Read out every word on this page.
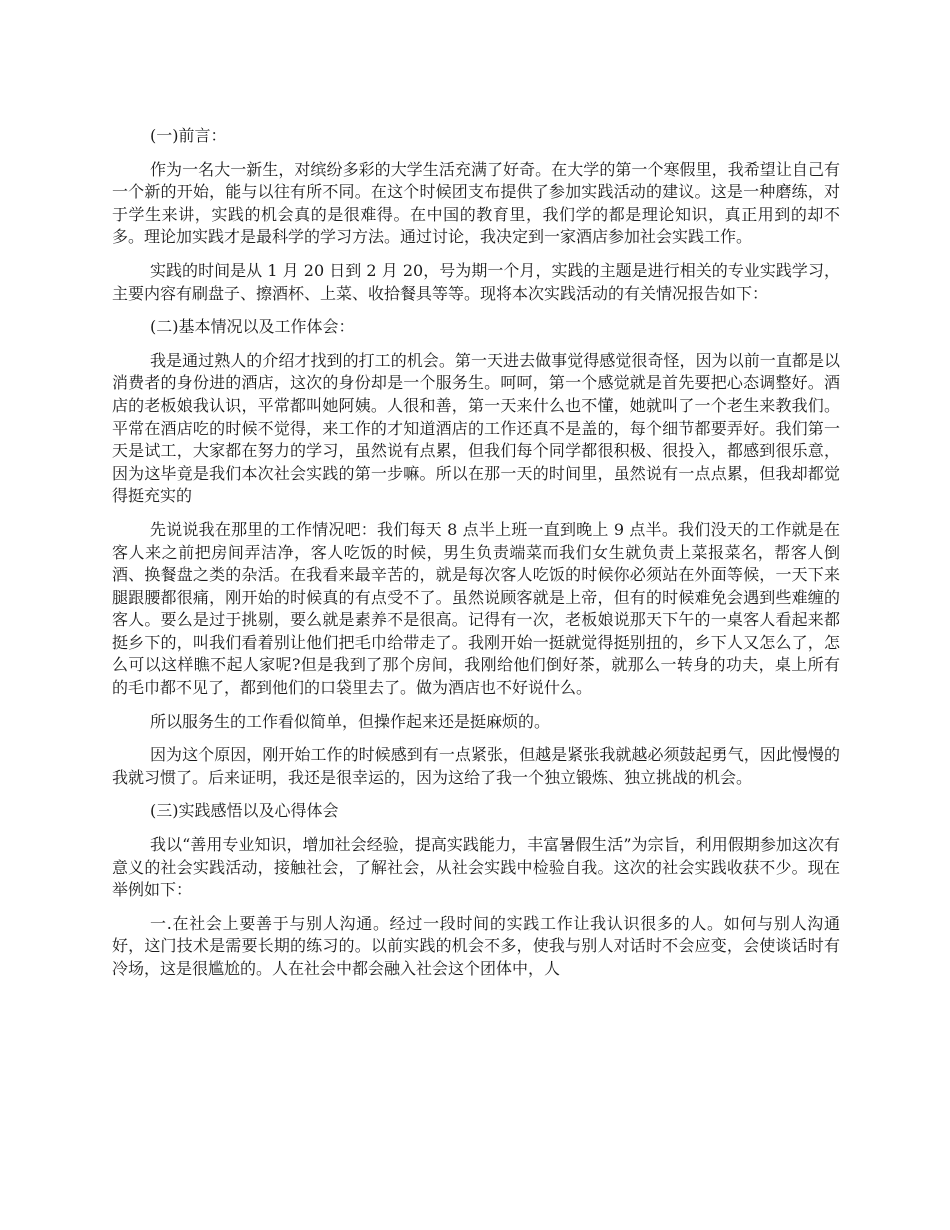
(一)前言：

作为一名大一新生，对缤纷多彩的大学生活充满了好奇。在大学的第一个寒假里，我希望让自己有一个新的开始，能与以往有所不同。在这个时候团支布提供了参加实践活动的建议。这是一种磨练，对于学生来讲，实践的机会真的是很难得。在中国的教育里，我们学的都是理论知识，真正用到的却不多。理论加实践才是最科学的学习方法。通过讨论，我决定到一家酒店参加社会实践工作。

实践的时间是从 1 月 20 日到 2 月 20，号为期一个月，实践的主题是进行相关的专业实践学习，主要内容有刷盘子、擦酒杯、上菜、收拾餐具等等。现将本次实践活动的有关情况报告如下：

(二)基本情况以及工作体会：

我是通过熟人的介绍才找到的打工的机会。第一天进去做事觉得感觉很奇怪，因为以前一直都是以消费者的身份进的酒店，这次的身份却是一个服务生。呵呵，第一个感觉就是首先要把心态调整好。酒店的老板娘我认识，平常都叫她阿姨。人很和善，第一天来什么也不懂，她就叫了一个老生来教我们。平常在酒店吃的时候不觉得，来工作的才知道酒店的工作还真不是盖的，每个细节都要弄好。我们第一天是试工，大家都在努力的学习，虽然说有点累，但我们每个同学都很积极、很投入，都感到很乐意，因为这毕竟是我们本次社会实践的第一步嘛。所以在那一天的时间里，虽然说有一点点累，但我却都觉得挺充实的

先说说我在那里的工作情况吧：我们每天 8 点半上班一直到晚上 9 点半。我们没天的工作就是在客人来之前把房间弄洁净，客人吃饭的时候，男生负责端菜而我们女生就负责上菜报菜名，帮客人倒酒、换餐盘之类的杂活。在我看来最辛苦的，就是每次客人吃饭的时候你必须站在外面等候，一天下来腿跟腰都很痛，刚开始的时候真的有点受不了。虽然说顾客就是上帝，但有的时候难免会遇到些难缠的客人。要么是过于挑剔，要么就是素养不是很高。记得有一次，老板娘说那天下午的一桌客人看起来都挺乡下的，叫我们看着别让他们把毛巾给带走了。我刚开始一挺就觉得挺别扭的，乡下人又怎么了，怎么可以这样瞧不起人家呢?但是我到了那个房间，我刚给他们倒好茶，就那么一转身的功夫，桌上所有的毛巾都不见了，都到他们的口袋里去了。做为酒店也不好说什么。

所以服务生的工作看似简单，但操作起来还是挺麻烦的。

因为这个原因，刚开始工作的时候感到有一点紧张，但越是紧张我就越必须鼓起勇气，因此慢慢的我就习惯了。后来证明，我还是很幸运的，因为这给了我一个独立锻炼、独立挑战的机会。

(三)实践感悟以及心得体会

我以“善用专业知识，增加社会经验，提高实践能力，丰富暑假生活”为宗旨，利用假期参加这次有意义的社会实践活动，接触社会，了解社会，从社会实践中检验自我。这次的社会实践收获不少。现在举例如下：

一.在社会上要善于与别人沟通。经过一段时间的实践工作让我认识很多的人。如何与别人沟通好，这门技术是需要长期的练习的。以前实践的机会不多，使我与别人对话时不会应变，会使谈话时有冷场，这是很尴尬的。人在社会中都会融入社会这个团体中，人
